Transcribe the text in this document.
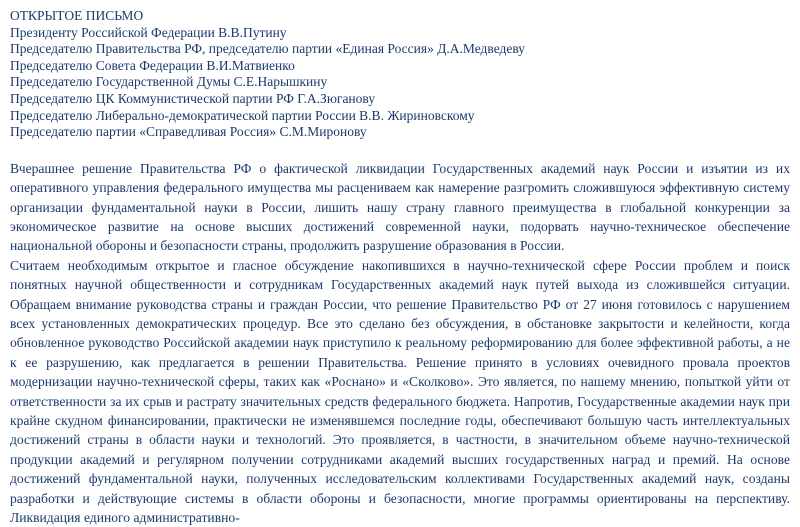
ОТКРЫТОЕ ПИСЬМО
Президенту Российской Федерации В.В.Путину
Председателю Правительства РФ, председателю партии «Единая Россия» Д.А.Медведеву
Председателю Совета Федерации В.И.Матвиенко
Председателю Государственной Думы С.Е.Нарышкину
Председателю ЦК Коммунистической партии РФ Г.А.Зюганову
Председателю Либерально-демократической партии России В.В. Жириновскому
Председателю партии «Справедливая Россия» С.М.Миронову

Вчерашнее решение Правительства РФ о фактической ликвидации Государственных академий наук России и изъятии из их оперативного управления федерального имущества мы расцениваем как намерение разгромить сложившуюся эффективную систему организации фундаментальной науки в России, лишить нашу страну главного преимущества в глобальной конкуренции за экономическое развитие на основе высших достижений современной науки, подорвать научно-техническое обеспечение национальной обороны и безопасности страны, продолжить разрушение образования в России.

Считаем необходимым открытое и гласное обсуждение накопившихся в научно-технической сфере России проблем и поиск понятных научной общественности и сотрудникам Государственных академий наук путей выхода из сложившейся ситуации. Обращаем внимание руководства страны и граждан России, что решение Правительство РФ от 27 июня готовилось с нарушением всех установленных демократических процедур. Все это сделано без обсуждения, в обстановке закрытости и келейности, когда обновленное руководство Российской академии наук приступило к реальному реформированию для более эффективной работы, а не к ее разрушению, как предлагается в решении Правительства. Решение принято в условиях очевидного провала проектов модернизации научно-технической сферы, таких как «Роснано» и «Сколково». Это является, по нашему мнению, попыткой уйти от ответственности за их срыв и растрату значительных средств федерального бюджета. Напротив, Государственные академии наук при крайне скудном финансировании, практически не изменявшемся последние годы, обеспечивают большую часть интеллектуальных достижений страны в области науки и технологий. Это проявляется, в частности, в значительном объеме научно-технической продукции академий и регулярном получении сотрудниками академий высших государственных наград и премий. На основе достижений фундаментальной науки, полученных исследовательским коллективами Государственных академий наук, созданы разработки и действующие системы в области обороны и безопасности, многие программы ориентированы на перспективу. Ликвидация единого административно-
